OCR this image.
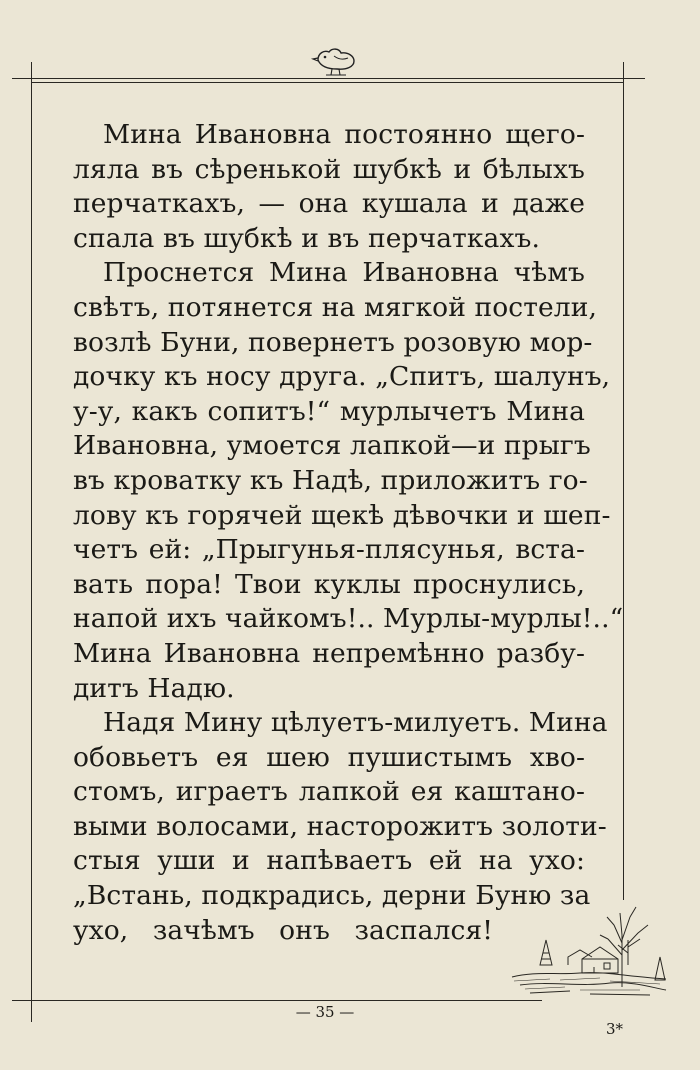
Мина Ивановна постоянно щего-
ляла въ сѣренькой шубкѣ и бѣлыхъ
перчаткахъ, — она кушала и даже
спала въ шубкѣ и въ перчаткахъ.
Проснется Мина Ивановна чѣмъ
свѣтъ, потянется на мягкой постели,
возлѣ Буни, повернетъ розовую мор-
дочку къ носу друга. „Спитъ, шалунъ,
у-у, какъ сопитъ!“ мурлычетъ Мина
Ивановна, умоется лапкой—и прыгъ
въ кроватку къ Надѣ, приложитъ го-
лову къ горячей щекѣ дѣвочки и шеп-
четъ ей: „Прыгунья-плясунья, вста-
вать пора! Твои куклы проснулись,
напой ихъ чайкомъ!.. Мурлы-мурлы!..“
Мина Ивановна непремѣнно разбу-
дитъ Надю.
Надя Мину цѣлуетъ-милуетъ. Мина
обовьетъ ея шею пушистымъ хво-
стомъ, играетъ лапкой ея каштано-
выми волосами, насторожитъ золоти-
стыя уши и напѣваетъ ей на ухо:
„Встань, подкрадись, дерни Буню за
ухо, зачѣмъ онъ заспался!
— 35 —
3*
